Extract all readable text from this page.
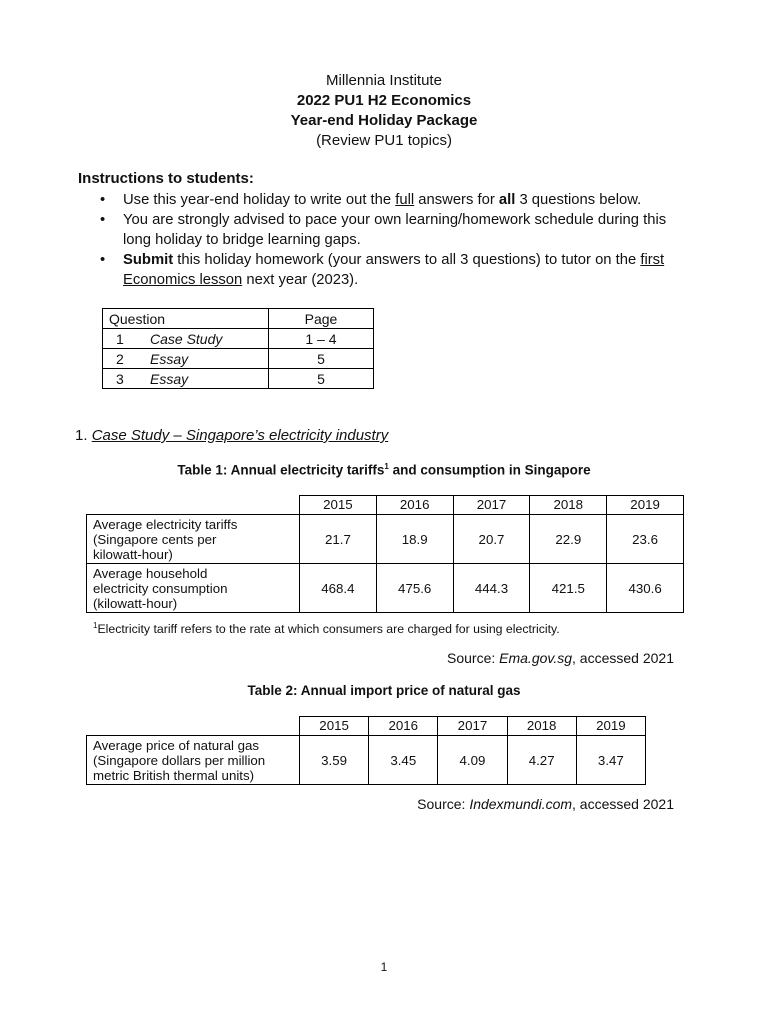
Millennia Institute
2022 PU1 H2 Economics
Year-end Holiday Package
(Review PU1 topics)
Instructions to students:
• Use this year-end holiday to write out the full answers for all 3 questions below.
• You are strongly advised to pace your own learning/homework schedule during this long holiday to bridge learning gaps.
• Submit this holiday homework (your answers to all 3 questions) to tutor on the first Economics lesson next year (2023).
Question		Page
1	Case Study	1 – 4
2	Essay	5
3	Essay	5
1. Case Study – Singapore’s electricity industry
Table 1: Annual electricity tariffs$^1$ and consumption in Singapore
	2015	2016	2017	2018	2019

Average electricity tariffs
(Singapore cents per
kilowatt-hour)	21.7	18.9	20.7	22.9	23.6

Average household
electricity consumption
(kilowatt-hour)	468.4	475.6	444.3	421.5	430.6
$^1$Electricity tariff refers to the rate at which consumers are charged for using electricity.
Source: Ema.gov.sg, accessed 2021
Table 2: Annual import price of natural gas
	2015	2016	2017	2018	2019

Average price of natural gas
(Singapore dollars per million
metric British thermal units)	3.59	3.45	4.09	4.27	3.47
Source: Indexmundi.com, accessed 2021
1
